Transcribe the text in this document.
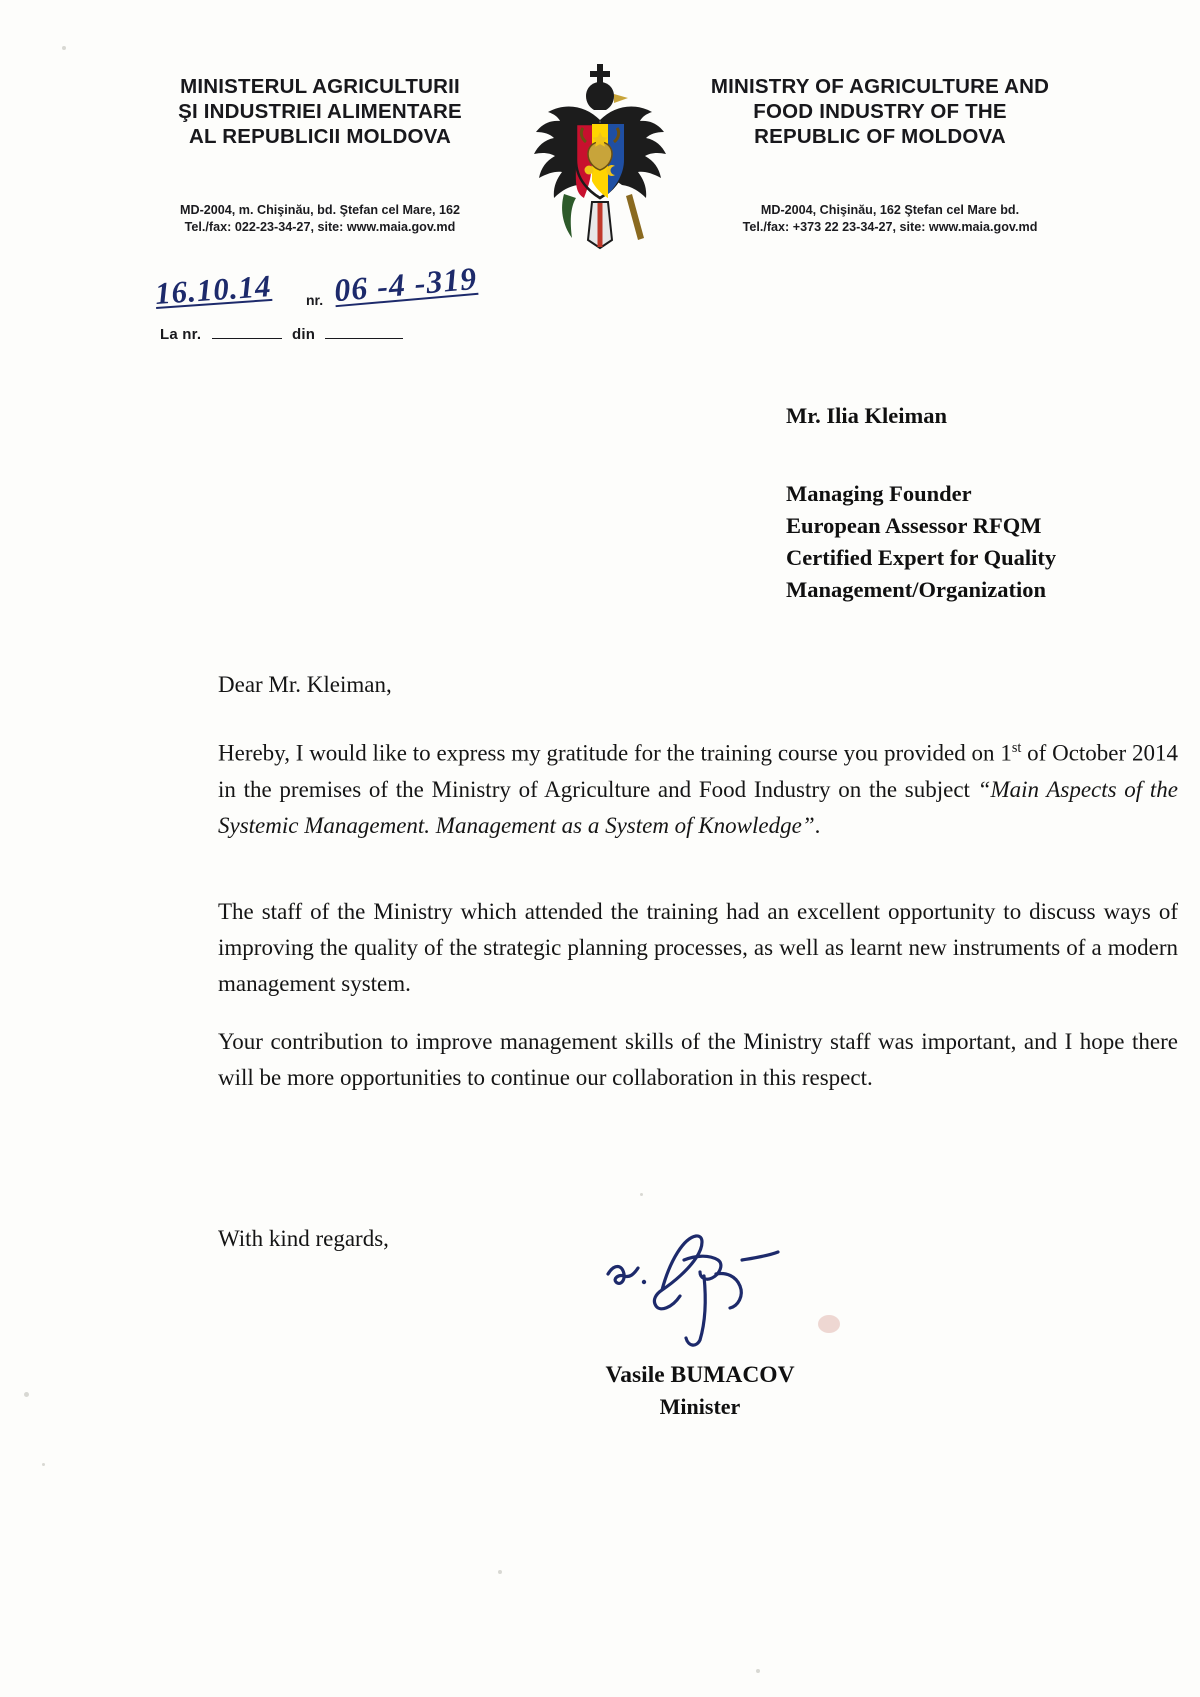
MINISTERUL AGRICULTURII
ŞI INDUSTRIEI ALIMENTARE
AL REPUBLICII MOLDOVA
MINISTRY OF AGRICULTURE AND
FOOD INDUSTRY OF THE
REPUBLIC OF MOLDOVA
MD-2004, m. Chişinău, bd. Ştefan cel Mare, 162
Tel./fax: 022-23-34-27, site: www.maia.gov.md
MD-2004, Chişinău, 162 Ştefan cel Mare bd.
Tel./fax: +373 22 23-34-27, site: www.maia.gov.md
16.10.14 nr. 06 -4 -319
La nr.	din
Mr. Ilia Kleiman
Managing Founder
European Assessor RFQM
Certified Expert for Quality
Management/Organization
Dear Mr. Kleiman,
Hereby, I would like to express my gratitude for the training course you provided on 1st of October 2014 in the premises of the Ministry of Agriculture and Food Industry on the subject “Main Aspects of the Systemic Management. Management as a System of Knowledge”.
The staff of the Ministry which attended the training had an excellent opportunity to discuss ways of improving the quality of the strategic planning processes, as well as learnt new instruments of a modern management system.
Your contribution to improve management skills of the Ministry staff was important, and I hope there will be more opportunities to continue our collaboration in this respect.
With kind regards,
Vasile BUMACOV
Minister
